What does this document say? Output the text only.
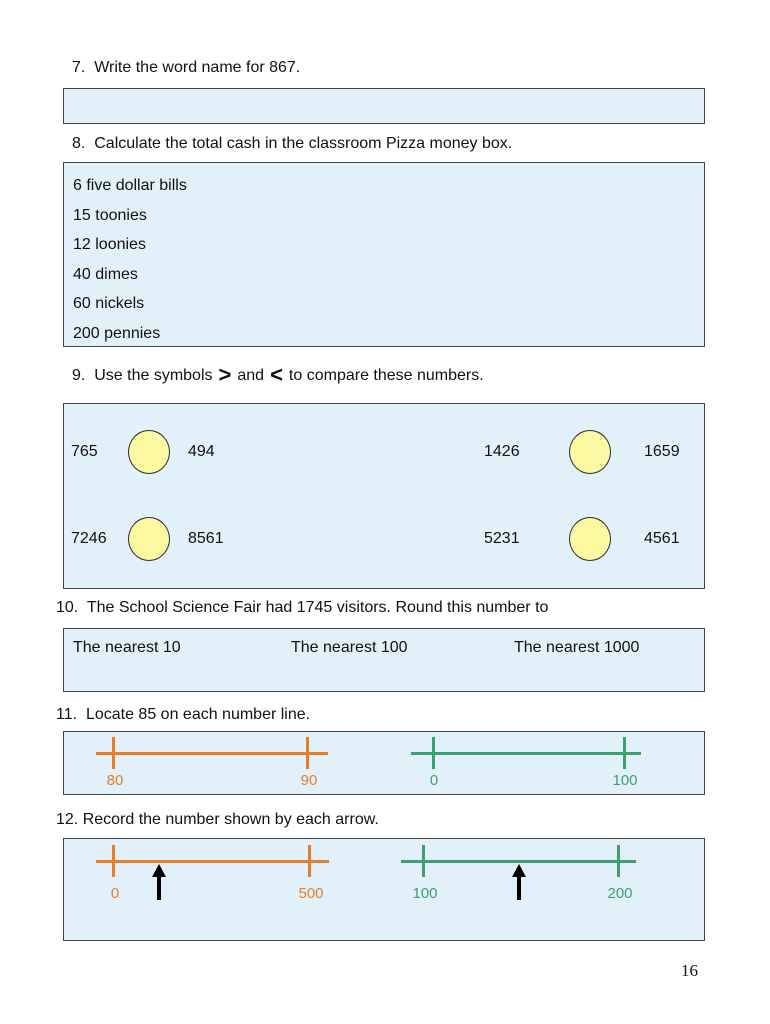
7.  Write the word name for 867.
8.  Calculate the total cash in the classroom Pizza money box.
6 five dollar bills
15 toonies
12 loonies
40 dimes
60 nickels
200 pennies
9.  Use the symbols > and < to compare these numbers.
765	494	1426	1659
7246	8561	5231	4561
10.  The School Science Fair had 1745 visitors. Round this number to
The nearest 10	The nearest 100	The nearest 1000
11.  Locate 85 on each number line.
80	90	0	100
12. Record the number shown by each arrow.
0	500	100	200
16
